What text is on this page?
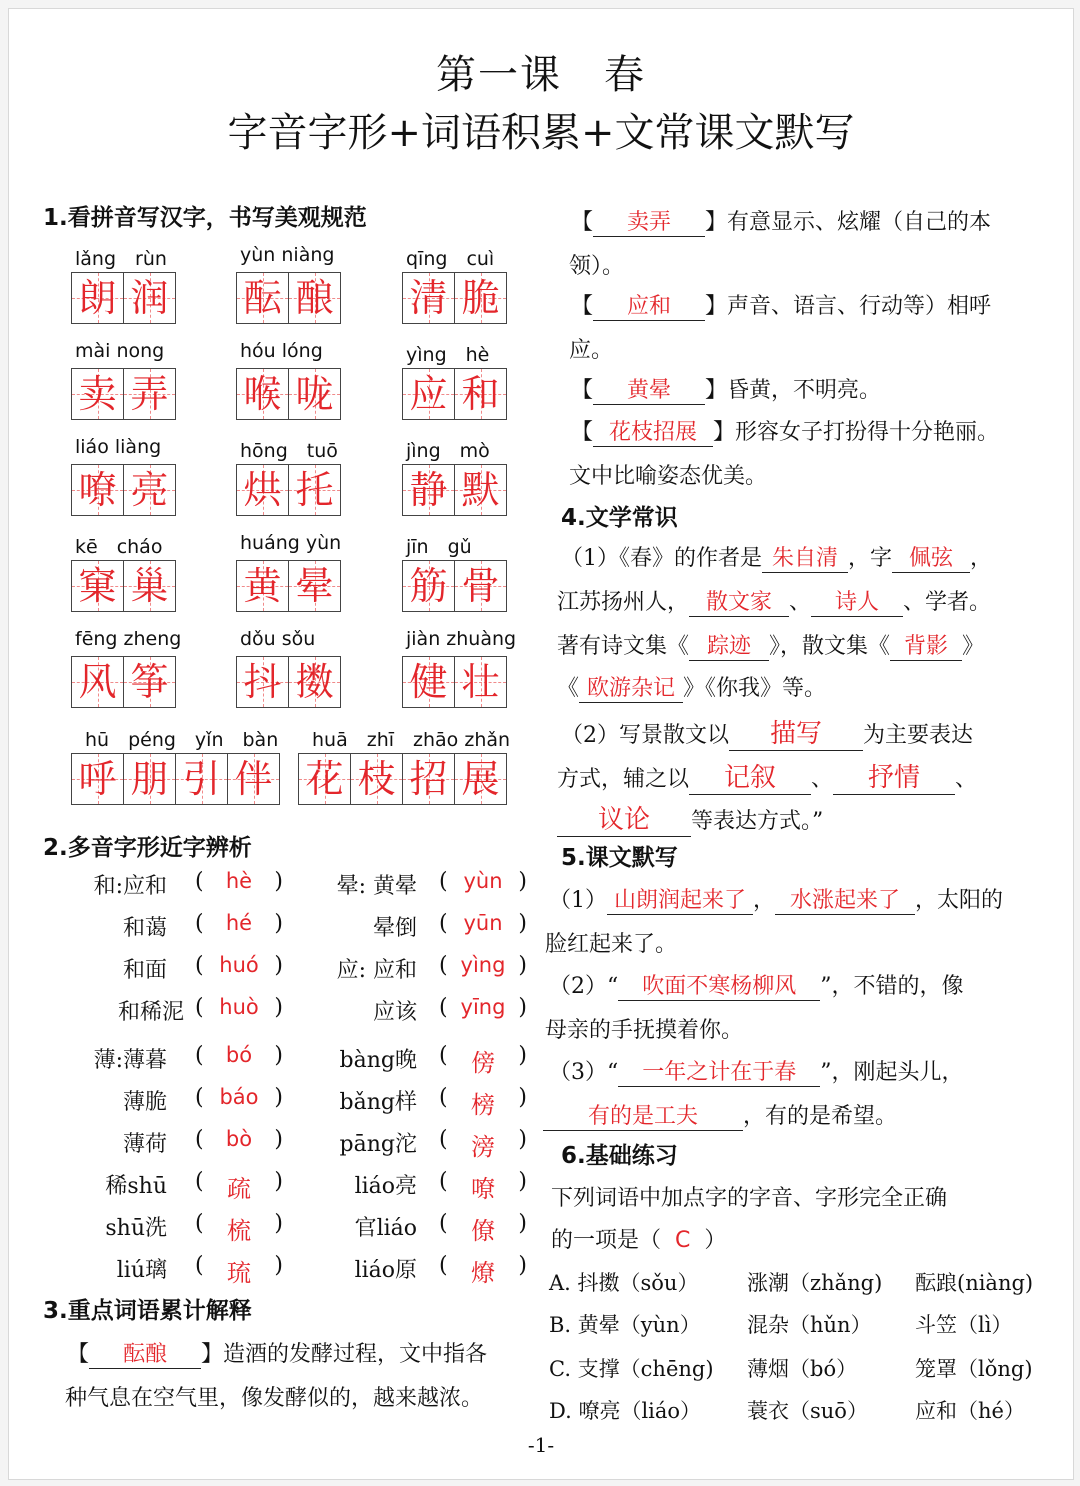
第一课　春
字音字形+词语积累+文常课文默写
1.看拼音写汉字，书写美观规范
lǎng　rùn
朗 润
yùn niàng
酝 酿
qīng　cuì
清 脆
mài nong
卖 弄
hóu lóng
喉 咙
yìng　hè
应 和
liáo liàng
嘹 亮
hōng　tuō
烘 托
jìng　mò
静 默
kē　cháo
窠 巢
huáng yùn
黄 晕
jīn　gǔ
筋 骨
fēng zheng
风 筝
dǒu sǒu
抖 擞
jiàn zhuàng
健 壮
hū　péng　yǐn　bàn
呼 朋 引 伴
huā　zhī　zhāo zhǎn
花 枝 招 展
2.多音字形近字辨析
和:应和 ( hè )
和蔼 ( hé )
和面 ( huó )
和稀泥 ( huò )
薄:薄暮 ( bó )
薄脆 ( báo )
薄荷 ( bò )
稀shū ( 疏 )
shū洗 ( 梳 )
liú璃 ( 琉 )
晕: 黄晕 ( yùn )
晕倒 ( yūn )
应: 应和 ( yìng )
应该 ( yīng )
bàng晚 ( 傍 )
bǎng样 ( 榜 )
pāng沱 ( 滂 )
liáo亮 ( 嘹 )
官liáo ( 僚 )
liáo原 ( 燎 )
3.重点词语累计解释
【 酝酿 】造酒的发酵过程，文中指各
种气息在空气里，像发酵似的，越来越浓。
【 卖弄 】有意显示、炫耀（自己的本
领）。
【 应和 】声音、语言、行动等）相呼
应。
【 黄晕 】昏黄，不明亮。
【 花枝招展 】形容女子打扮得十分艳丽。
文中比喻姿态优美。
4.文学常识
（1）《春》的作者是 朱自清 ，字 佩弦 ，
江苏扬州人， 散文家 、 诗人 、学者。
著有诗文集《 踪迹 》，散文集《 背影 》
《 欧游杂记 》《你我》等。
（2）写景散文以 描写 为主要表达
方式，辅之以 记叙 、 抒情 、
议论 等表达方式。”
5.课文默写
（1） 山朗润起来了 ， 水涨起来了 ，太阳的
脸红起来了。
（2）“ 吹面不寒杨柳风 ”，不错的，像
母亲的手抚摸着你。
（3）“ 一年之计在于春 ”，刚起头儿，
有的是工夫 ，有的是希望。
6.基础练习
下列词语中加点字的字音、字形完全正确
的一项是（ C ）
A. 抖擞（sǒu） 涨潮（zhǎng) 酝踉(niàng)
B. 黄晕（yùn） 混杂（hǔn） 斗笠（lì）
C. 支撑（chēng) 薄烟（bó）	笼罩（lǒng)
D. 嘹亮（liáo） 蓑衣（suō） 应和（hé）
-1-
